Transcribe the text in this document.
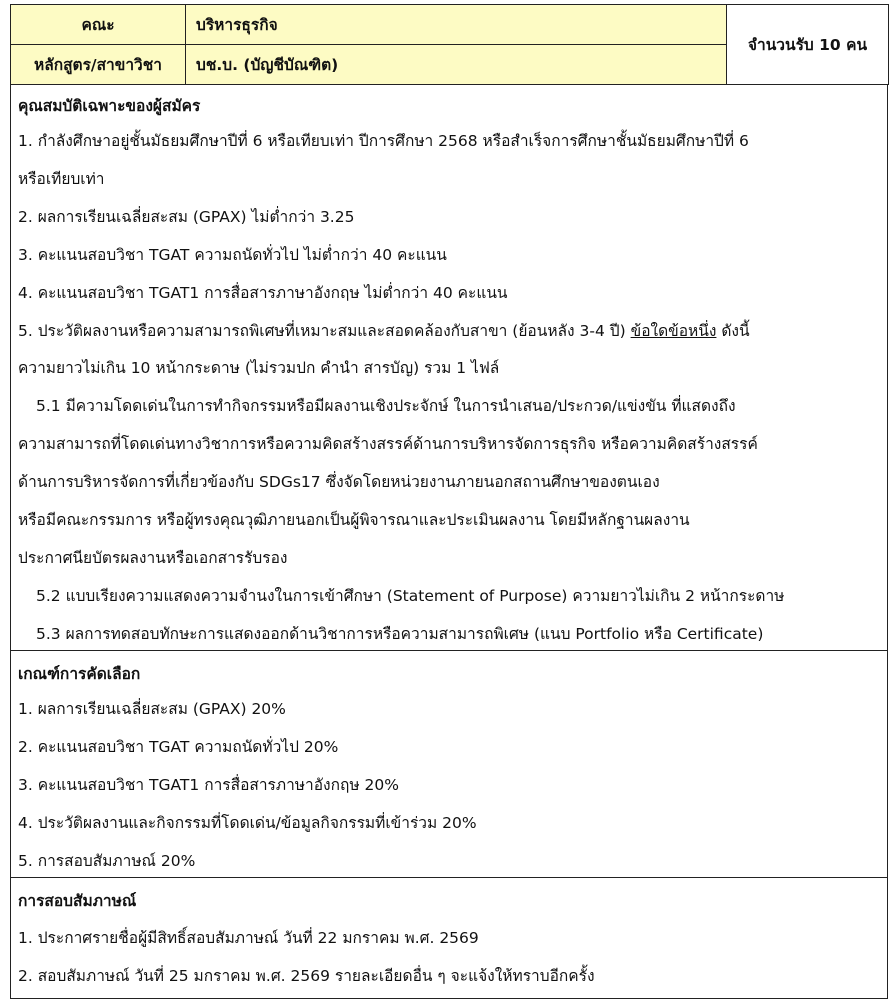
คณะ	บริหารธุรกิจ	จำนวนรับ 10 คน
หลักสูตร/สาขาวิชา	บช.บ. (บัญชีบัณฑิต)	
คุณสมบัติเฉพาะของผู้สมัคร
1. กำลังศึกษาอยู่ชั้นมัธยมศึกษาปีที่ 6 หรือเทียบเท่า ปีการศึกษา 2568 หรือสำเร็จการศึกษาชั้นมัธยมศึกษาปีที่ 6
หรือเทียบเท่า
2. ผลการเรียนเฉลี่ยสะสม (GPAX) ไม่ต่ำกว่า 3.25
3. คะแนนสอบวิชา TGAT ความถนัดทั่วไป ไม่ต่ำกว่า 40 คะแนน
4. คะแนนสอบวิชา TGAT1 การสื่อสารภาษาอังกฤษ ไม่ต่ำกว่า 40 คะแนน
5. ประวัติผลงานหรือความสามารถพิเศษที่เหมาะสมและสอดคล้องกับสาขา (ย้อนหลัง 3-4 ปี) ข้อใดข้อหนึ่ง ดังนี้
ความยาวไม่เกิน 10 หน้ากระดาษ (ไม่รวมปก คำนำ สารบัญ) รวม 1 ไฟล์
5.1 มีความโดดเด่นในการทำกิจกรรมหรือมีผลงานเชิงประจักษ์ ในการนำเสนอ/ประกวด/แข่งขัน ที่แสดงถึง
ความสามารถที่โดดเด่นทางวิชาการหรือความคิดสร้างสรรค์ด้านการบริหารจัดการธุรกิจ หรือความคิดสร้างสรรค์
ด้านการบริหารจัดการที่เกี่ยวข้องกับ SDGs17 ซึ่งจัดโดยหน่วยงานภายนอกสถานศึกษาของตนเอง
หรือมีคณะกรรมการ หรือผู้ทรงคุณวุฒิภายนอกเป็นผู้พิจารณาและประเมินผลงาน โดยมีหลักฐานผลงาน
ประกาศนียบัตรผลงานหรือเอกสารรับรอง
5.2 แบบเรียงความแสดงความจำนงในการเข้าศึกษา (Statement of Purpose) ความยาวไม่เกิน 2 หน้ากระดาษ
5.3 ผลการทดสอบทักษะการแสดงออกด้านวิชาการหรือความสามารถพิเศษ (แนบ Portfolio หรือ Certificate)
เกณฑ์การคัดเลือก
1. ผลการเรียนเฉลี่ยสะสม (GPAX) 20%
2. คะแนนสอบวิชา TGAT ความถนัดทั่วไป 20%
3. คะแนนสอบวิชา TGAT1 การสื่อสารภาษาอังกฤษ 20%
4. ประวัติผลงานและกิจกรรมที่โดดเด่น/ข้อมูลกิจกรรมที่เข้าร่วม 20%
5. การสอบสัมภาษณ์ 20%
การสอบสัมภาษณ์
1. ประกาศรายชื่อผู้มีสิทธิ์สอบสัมภาษณ์ วันที่ 22 มกราคม พ.ศ. 2569
2. สอบสัมภาษณ์ วันที่ 25 มกราคม พ.ศ. 2569 รายละเอียดอื่น ๆ จะแจ้งให้ทราบอีกครั้ง
